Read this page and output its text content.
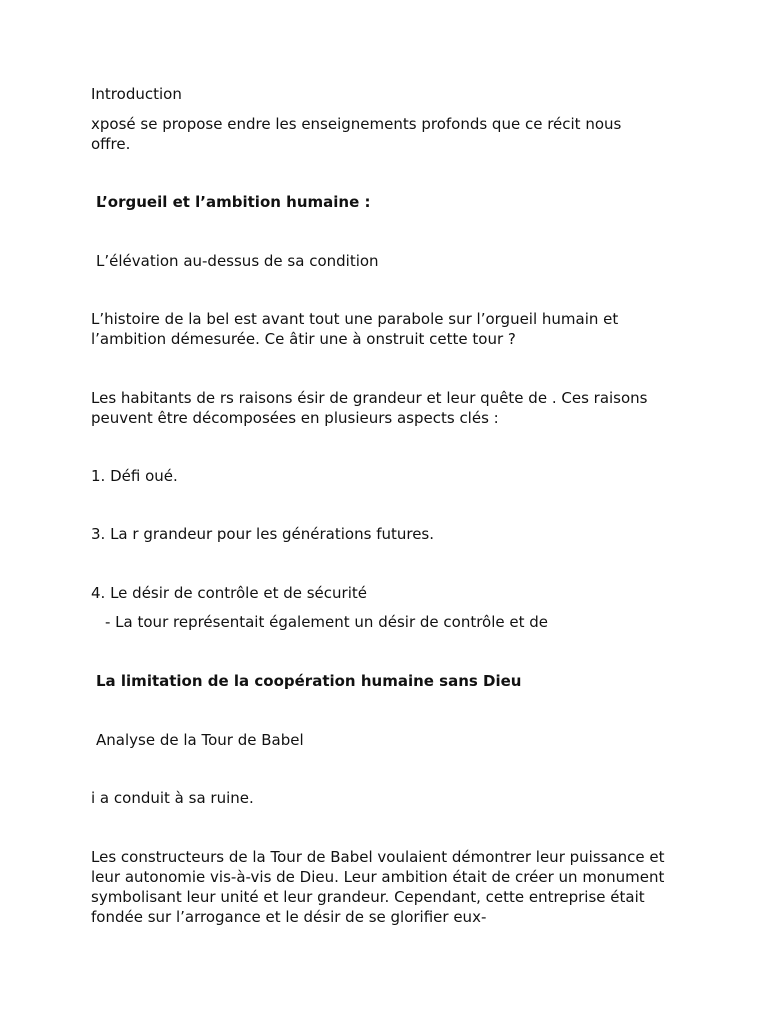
Introduction

xposé se propose endre les enseignements profonds que ce récit nous offre.

L’orgueil et l’ambition humaine :

L’élévation au-dessus de sa condition

L’histoire de la bel est avant tout une parabole sur l’orgueil humain et l’ambition démesurée. Ce âtir une à onstruit cette tour ?

Les habitants de rs raisons ésir de grandeur et leur quête de . Ces raisons peuvent être décomposées en plusieurs aspects clés :

1. Défi oué.

3. La r grandeur pour les générations futures.

4. Le désir de contrôle et de sécurité

- La tour représentait également un désir de contrôle et de

La limitation de la coopération humaine sans Dieu

Analyse de la Tour de Babel

i a conduit à sa ruine.

Les constructeurs de la Tour de Babel voulaient démontrer leur puissance et leur autonomie vis-à-vis de Dieu. Leur ambition était de créer un monument symbolisant leur unité et leur grandeur. Cependant, cette entreprise était fondée sur l’arrogance et le désir de se glorifier eux-
